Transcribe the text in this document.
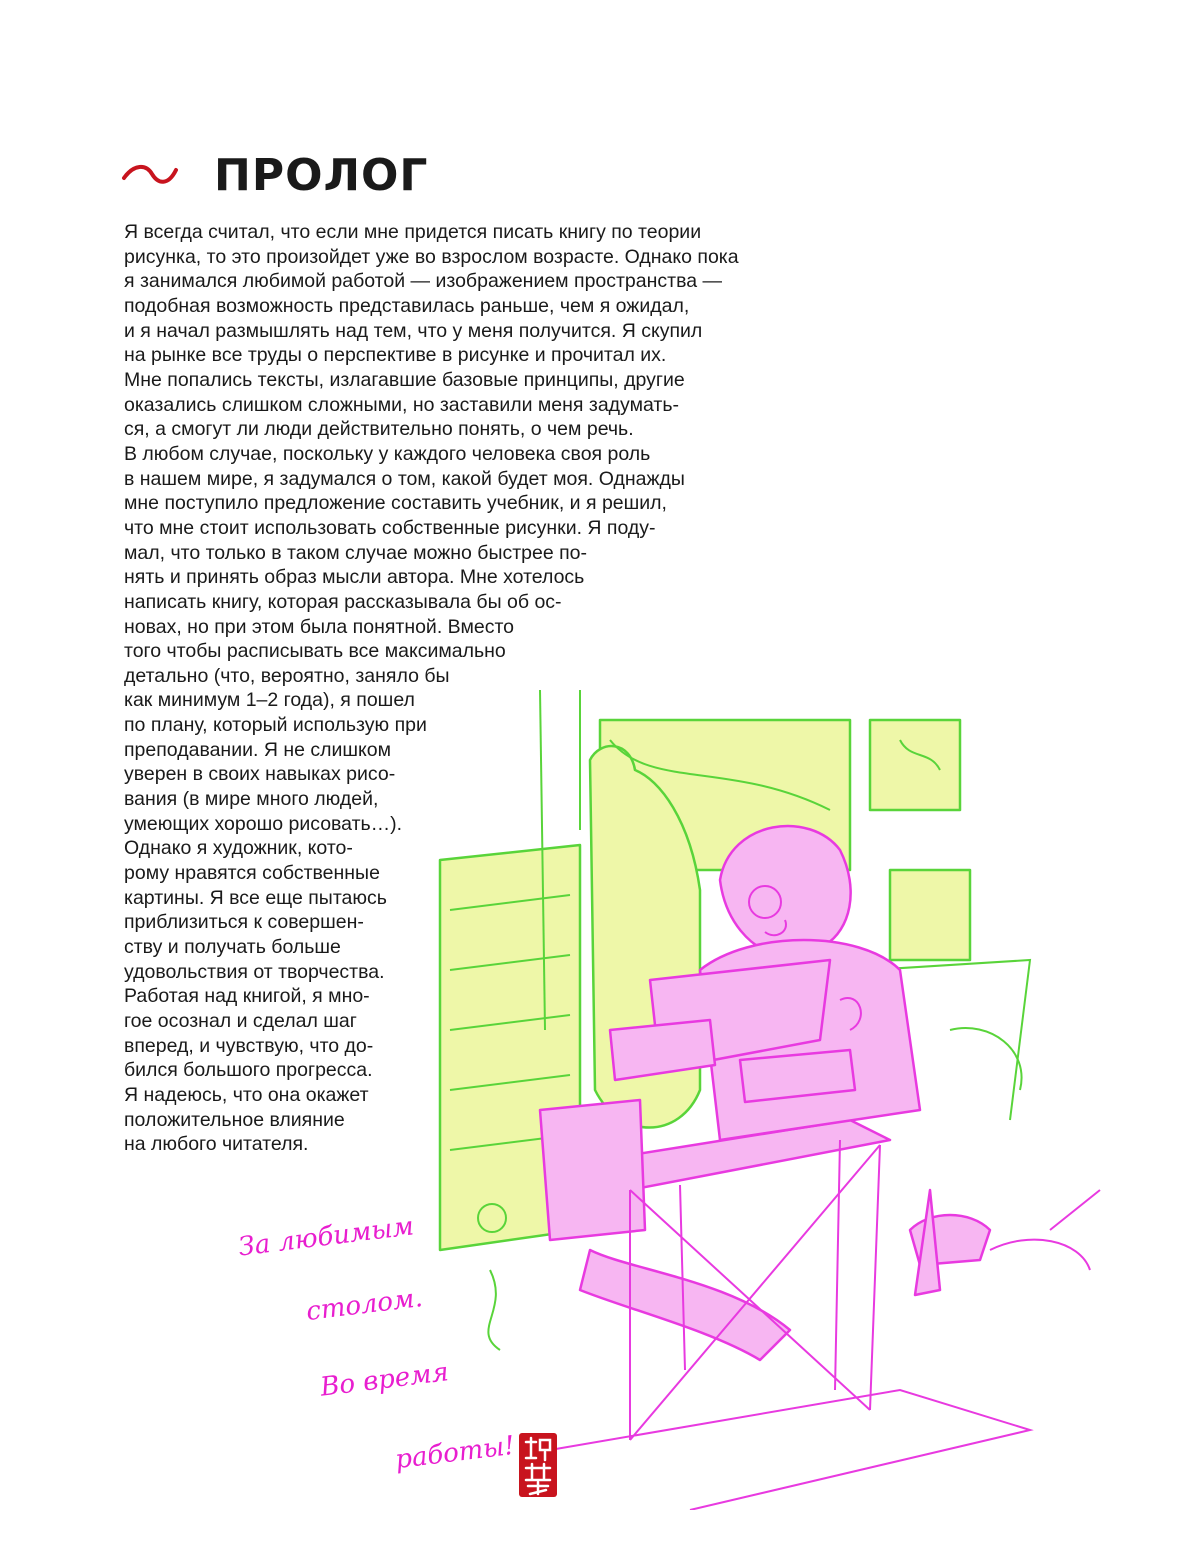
ПРОЛОГ
Я всегда считал, что если мне придется писать книгу по теории
рисунка, то это произойдет уже во взрослом возрасте. Однако пока
я занимался любимой работой — изображением пространства —
подобная возможность представилась раньше, чем я ожидал,
и я начал размышлять над тем, что у меня получится. Я скупил
на рынке все труды о перспективе в рисунке и прочитал их.
Мне попались тексты, излагавшие базовые принципы, другие
оказались слишком сложными, но заставили меня задумать-
ся, а смогут ли люди действительно понять, о чем речь.
В любом случае, поскольку у каждого человека своя роль
в нашем мире, я задумался о том, какой будет моя. Однажды
мне поступило предложение составить учебник, и я решил,
что мне стоит использовать собственные рисунки. Я поду-
мал, что только в таком случае можно быстрее по-
нять и принять образ мысли автора. Мне хотелось
написать книгу, которая рассказывала бы об ос-
новах, но при этом была понятной. Вместо
того чтобы расписывать все максимально
детально (что, вероятно, заняло бы
как минимум 1–2 года), я пошел
по плану, который использую при
преподавании. Я не слишком
уверен в своих навыках рисо-
вания (в мире много людей,
умеющих хорошо рисовать…).
Однако я художник, кото-
рому нравятся собственные
картины. Я все еще пытаюсь
приблизиться к совершен-
ству и получать больше
удовольствия от творчества.
Работая над книгой, я мно-
гое осознал и сделал шаг
вперед, и чувствую, что до-
бился большого прогресса.
Я надеюсь, что она окажет
положительное влияние
на любого читателя.
За любимым
столом.
Во время
работы!
